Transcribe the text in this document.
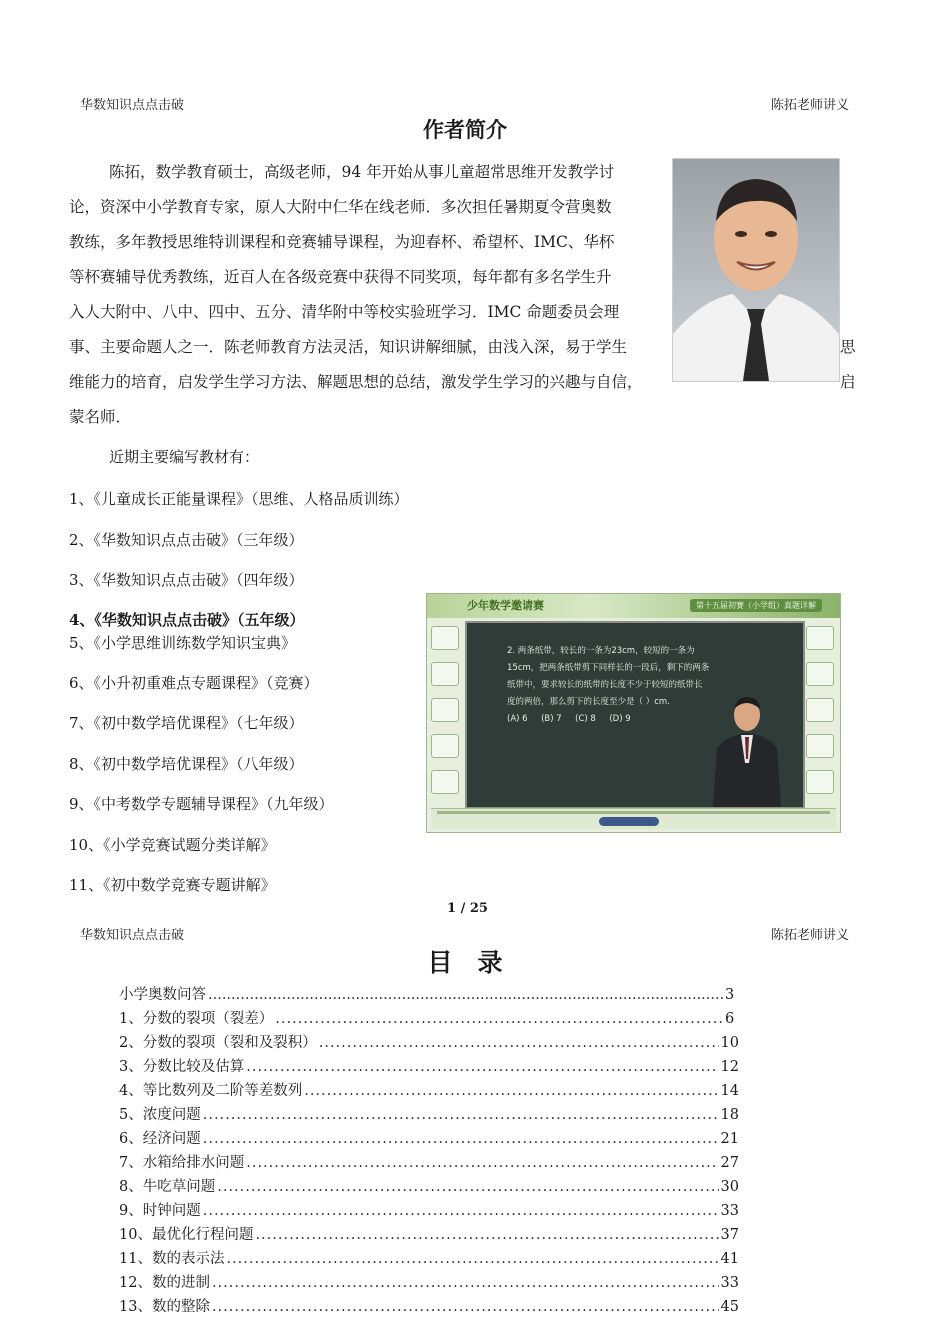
华数知识点点击破	陈拓老师讲义
作者简介
陈拓，数学教育硕士，高级老师，94 年开始从事儿童超常思维开发教学讨
论，资深中小学教育专家，原人大附中仁华在线老师．多次担任暑期夏令营奥数
教练，多年教授思维特训课程和竞赛辅导课程，为迎春杯、希望杯、IMC、华杯
等杯赛辅导优秀教练，近百人在各级竞赛中获得不同奖项，每年都有多名学生升
入人大附中、八中、四中、五分、清华附中等校实验班学习．IMC 命题委员会理
事、主要命题人之一．陈老师教育方法灵活，知识讲解细腻，由浅入深，易于学生	思
维能力的培育，启发学生学习方法、解题思想的总结，激发学生学习的兴趣与自信，	启
蒙名师．
近期主要编写教材有：
1、《儿童成长正能量课程》（思维、人格品质训练）
2、《华数知识点点击破》（三年级）
3、《华数知识点点击破》（四年级）
4、《华数知识点点击破》（五年级）
5、《小学思维训练数学知识宝典》
6、《小升初重难点专题课程》（竞赛）
7、《初中数学培优课程》（七年级）
8、《初中数学培优课程》（八年级）
9、《中考数学专题辅导课程》（九年级）
10、《小学竞赛试题分类详解》
11、《初中数学竞赛专题讲解》
少年数学邀请赛	第十五届初赛（小学组）真题详解
2. 两条纸带，较长的一条为23cm，较短的一条为
15cm，把两条纸带剪下同样长的一段后，剩下的两条
纸带中，要求较长的纸带的长度不少于较短的纸带长
度的两倍，那么剪下的长度至少是（ ）cm.
(A) 6     (B) 7     (C) 8     (D) 9
1 / 25
华数知识点点击破	陈拓老师讲义
目　录
小学奥数问答 .....	3
1、分数的裂项（裂差） .....	6
2、分数的裂项（裂和及裂积） .....	10
3、分数比较及估算 .....	12
4、等比数列及二阶等差数列 .....	14
5、浓度问题 .....	18
6、经济问题 .....	21
7、水箱给排水问题 .....	27
8、牛吃草问题 .....	30
9、时钟问题 .....	33
10、最优化行程问题 .....	37
11、数的表示法 .....	41
12、数的进制 .....	33
13、数的整除 .....	45
